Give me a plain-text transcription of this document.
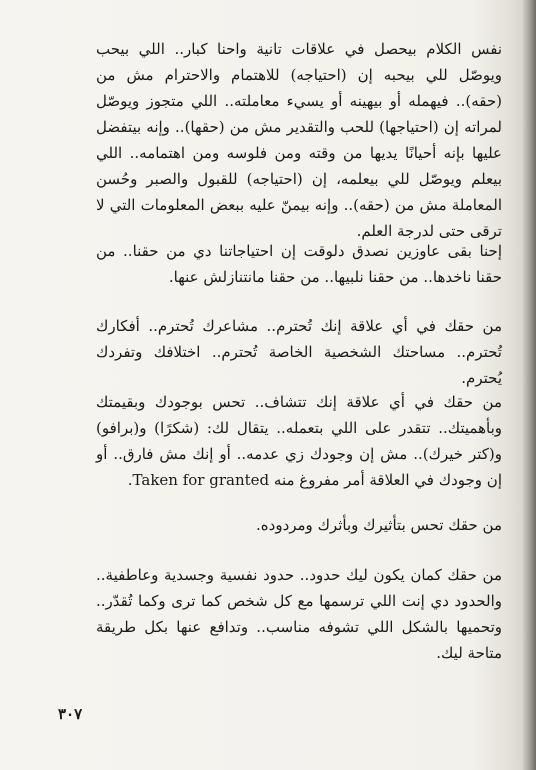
نفس الكلام بيحصل في علاقات تانية واحنا كبار.. اللي بيحب ويوصّل للي بيحبه إن (احتياجه) للاهتمام والاحترام مش من (حقه).. فيهمله أو بيهينه أو يسيء معاملته.. اللي متجوز ويوصّل لمراته إن (احتياجها) للحب والتقدير مش من (حقها).. وإنه بيتفضل عليها بإنه أحيانًا يديها من وقته ومن فلوسه ومن اهتمامه.. اللي بيعلم ويوصّل للي بيعلمه، إن (احتياجه) للقبول والصبر وحُسن المعاملة مش من (حقه).. وإنه بيمنّ عليه ببعض المعلومات التي لا ترقى حتى لدرجة العلم.

إحنا بقى عاوزين نصدق دلوقت إن احتياجاتنا دي من حقنا.. من حقنا ناخدها.. من حقنا نلبيها.. من حقنا مانتنازلش عنها.

من حقك في أي علاقة إنك تُحترم.. مشاعرك تُحترم.. أفكارك تُحترم.. مساحتك الشخصية الخاصة تُحترم.. اختلافك وتفردك يُحترم.

من حقك في أي علاقة إنك تتشاف.. تحس بوجودك وبقيمتك وبأهميتك.. تتقدر على اللي بتعمله.. يتقال لك: (شكرًا) و(برافو) و(كتر خيرك).. مش إن وجودك زي عدمه.. أو إنك مش فارق.. أو إن وجودك في العلاقة أمر مفروغ منه Taken for granted.

من حقك تحس بتأثيرك وبأثرك ومردوده.

من حقك كمان يكون ليك حدود.. حدود نفسية وجسدية وعاطفية.. والحدود دي إنت اللي ترسمها مع كل شخص كما ترى وكما تُقدّر.. وتحميها بالشكل اللي تشوفه مناسب.. وتدافع عنها بكل طريقة متاحة ليك.

٣٠٧
